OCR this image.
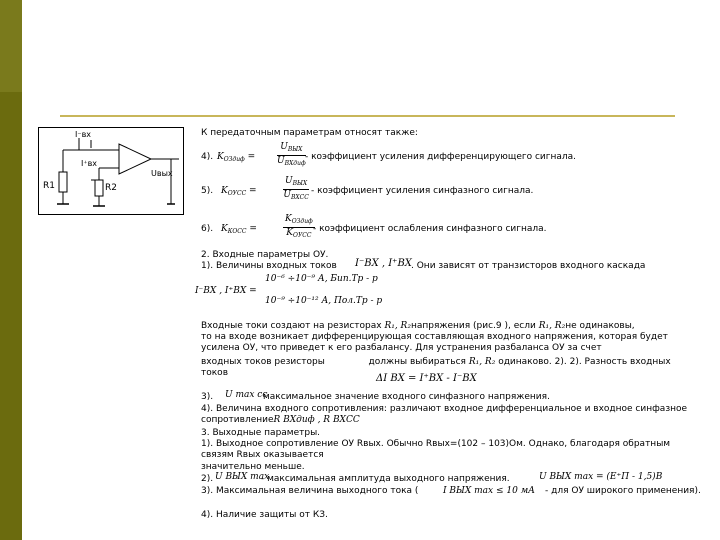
I⁻вх
I⁺вх
R1	R2
Uвых
К передаточным параметрам относят также:
4). $K_{ОЗдиф}$ =
$U_{ВЫХ}$
$U_{ВХдиф}$
- коэффициент усиления дифференцирующего сигнала.
5). $K_{ОУСС}$ =
$U_{ВЫХ}$
$U_{ВХСС}$
- коэффициент усиления синфазного сигнала.
6). $K_{КОСС}$ =
$K_{ОЗдиф}$
$K_{ОУСС}$
- коэффициент ослабления синфазного сигнала.
2. Входные параметры ОУ.
1). Величины входных токов I⁻ВХ , I⁺ВХ . Они зависят от транзисторов входного каскада
I⁻ВХ , I⁺ВХ =
10⁻⁶ ÷10⁻⁹ А, Бип.Тр - р
10⁻⁹ ÷10⁻¹² А, Пол.Тр - р
Входные токи создают на резисторах R₁, R₂напряжения (рис.9 ), если R₁, R₂не одинаковы,
то на входе возникает дифференцирующая составляющая входного напряжения, которая будет усилена ОУ, что приведет к его разбалансу. Для устранения разбаланса ОУ за счет
входных токов резисторы	должны выбираться R₁, R₂ одинаково. 2). 2). Разность входных
токов	ΔI ВХ = I⁺ВХ - I⁻ВХ
3). U max сс
максимальное значение входного синфазного напряжения.
4). Величина входного сопротивления: различают входное дифференциальное и входное синфазное сопротивлениеR ВХдиф , R ВХСС
3. Выходные параметры.
1). Выходное сопротивление ОУ Rвых. Обычно Rвых=(102 – 103)Ом. Однако, благодаря обратным связям Rвых оказывается
значительно меньше.
2). U ВЫХ max
- максимальная амплитуда выходного напряжения.	U ВЫХ max = (E⁺П - 1,5)В
3). Максимальная величина выходного тока (	I ВЫХ max ≤ 10 мА - для ОУ широкого применения).
4). Наличие защиты от КЗ.
